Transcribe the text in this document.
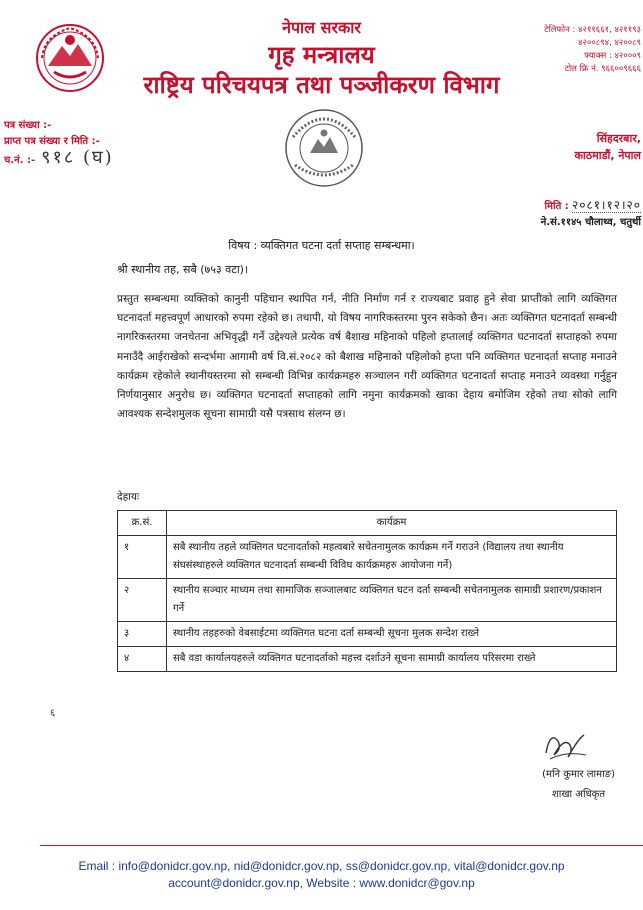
नेपाल सरकार
गृह मन्त्रालय
राष्ट्रिय परिचयपत्र तथा पञ्जीकरण विभाग
टेलिफोन : ४२११६६१, ४२११९३
४२००८९४, ४२००८९
फ्याक्स : ४२०००९
टोल फ्रि नं. ९६६००९६६६
पत्र संख्या :-
प्राप्त पत्र संख्या र मिति :-
च.नं. :- ९१८ (घ)
सिंहदरबार,
काठमाडौं, नेपाल
मिति : २०८१।१२।२०
ने.सं.११४५ चौलाथ्व, चतुर्थी
विषय : व्यक्तिगत घटना दर्ता सप्ताह सम्बन्धमा।
श्री स्थानीय तह, सबै (७५३ वटा)।
प्रस्तुत सम्बन्धमा व्यक्तिको कानुनी पहिचान स्थापित गर्न, नीति निर्माण गर्न र राज्यबाट प्रवाह हुने सेवा प्राप्तीको लागि व्यक्तिगत घटनादर्ता महत्त्वपूर्ण आधारको रुपमा रहेको छ। तथापी, यो विषय नागरिकस्तरमा पुरन सकेको छैन। अतः व्यक्तिगत घटनादर्ता सम्बन्धी नागरिकस्तरमा जनचेतना अभिवृद्धी गर्ने उद्देश्यले प्रत्येक वर्ष बैशाख महिनाको पहिलो हप्तालाई व्यक्तिगत घटनादर्ता सप्ताहको रुपमा मनाउँदै आईराखेको सन्दर्भमा आगामी वर्ष वि.सं.२०८२ को बैशाख महिनाको पहिलोको हप्ता पनि व्यक्तिगत घटनादर्ता सप्ताह मनाउने कार्यक्रम रहेकोले स्थानीयस्तरमा सो सम्बन्धी विभिन्न कार्यक्रमहरु सञ्चालन गरी व्यक्तिगत घटनादर्ता सप्ताह मनाउने व्यवस्था गर्नुहुन निर्णयानुसार अनुरोध छ। व्यक्तिगत घटनादर्ता सप्ताहको लागि नमुना कार्यक्रमको खाका देहाय बमोजिम रहेको तथा सोको लागि आवश्यक सन्देशमुलक सूचना सामाग्री यसै पत्रसाथ संलग्न छ।
देहायः
क्र.सं.	कार्यक्रम
१	सबै स्थानीय तहले व्यक्तिगत घटनादर्ताको महत्वबारे सचेतनामुलक कार्यक्रम गर्ने गराउने (विद्यालय तथा स्थानीय संघसंस्थाहरुले व्यक्तिगत घटनादर्ता सम्बन्धी विविध कार्यक्रमहरु आयोजना गर्ने)
२	स्थानीय सञ्चार माध्यम तथा सामाजिक सञ्जालबाट व्यक्तिगत घटन दर्ता सम्बन्धी सचेतनामुलक सामाग्री प्रशारण/प्रकाशन गर्ने
३	स्थानीय तहहरुको वेबसाईटमा व्यक्तिगत घटना दर्ता सम्बन्धी सूचना मुलक सन्देश राख्ने
४	सबै वडा कार्यालयहरुले व्यक्तिगत घटनादर्ताको महत्त्व दर्शाउने सूचना सामाग्री कार्यालय परिसरमा राख्ने
६
(मनि कुमार लामाङ)
शाखा अधिकृत
Email : info@donidcr.gov.np, nid@donidcr.gov.np, ss@donidcr.gov.np, vital@donidcr.gov.np
account@donidcr.gov.np, Website : www.donidcr@gov.np
